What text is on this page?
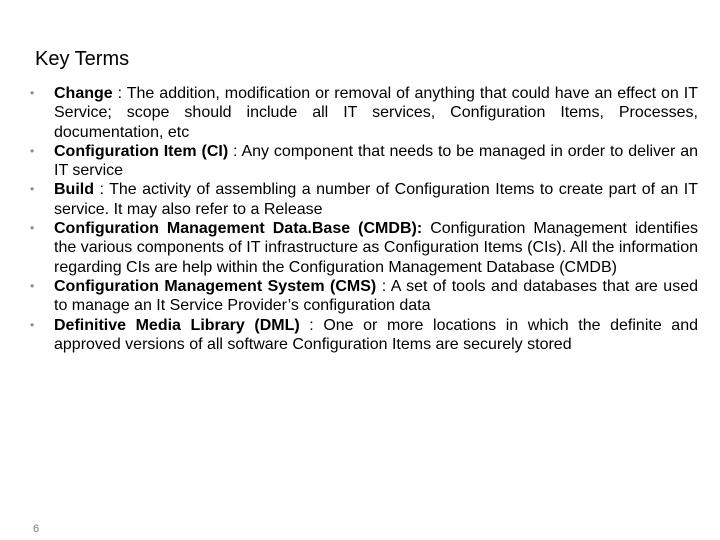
Key Terms
•	Change : The addition, modification or removal of anything that could have an effect on IT Service; scope should include all IT services, Configuration Items, Processes, documentation, etc
•	Configuration Item (CI) : Any component that needs to be managed in order to deliver an IT service
•	Build : The activity of assembling a number of Configuration Items to create part of an IT service. It may also refer to a Release
•	Configuration Management Data.Base (CMDB): Configuration Management identifies the various components of IT infrastructure as Configuration Items (CIs). All the information regarding CIs are help within the Configuration Management Database (CMDB)
•	Configuration Management System (CMS) : A set of tools and databases that are used to manage an It Service Provider’s configuration data
•	Definitive Media Library (DML) : One or more locations in which the definite and approved versions of all software Configuration Items are securely stored
6
